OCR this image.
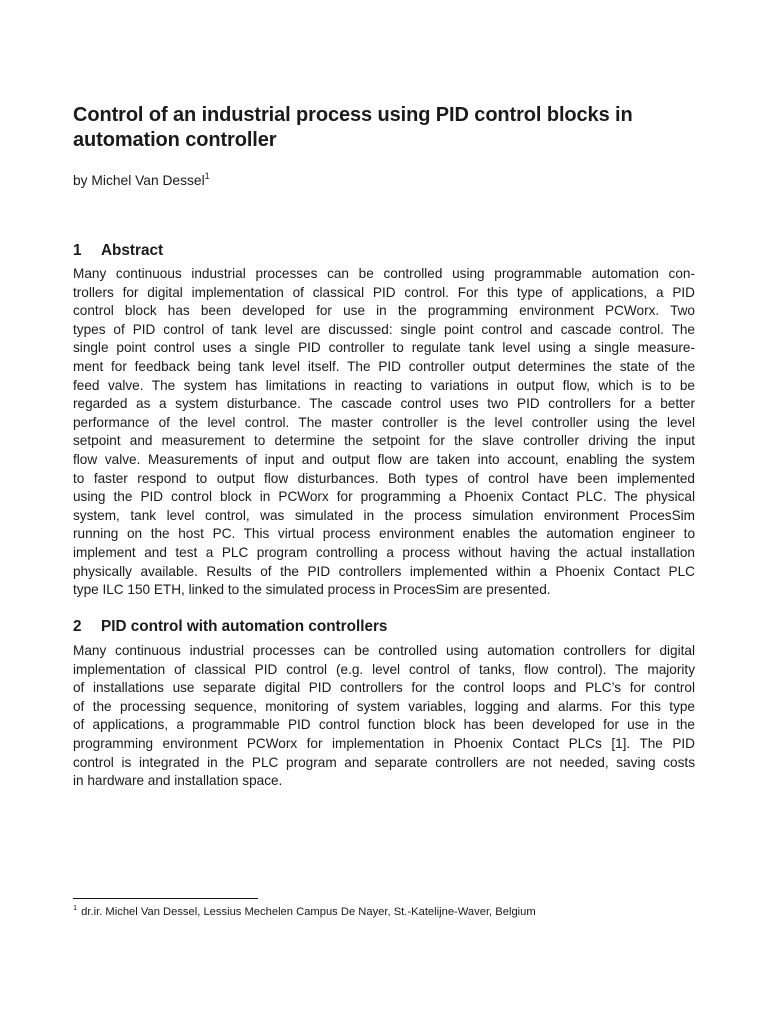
Control of an industrial process using PID control blocks in automation controller

by Michel Van Dessel$^1$

1 Abstract
Many continuous industrial processes can be controlled using programmable automation con-
trollers for digital implementation of classical PID control. For this type of applications, a PID
control block has been developed for use in the programming environment PCWorx. Two
types of PID control of tank level are discussed: single point control and cascade control. The
single point control uses a single PID controller to regulate tank level using a single measure-
ment for feedback being tank level itself. The PID controller output determines the state of the
feed valve. The system has limitations in reacting to variations in output flow, which is to be
regarded as a system disturbance. The cascade control uses two PID controllers for a better
performance of the level control. The master controller is the level controller using the level
setpoint and measurement to determine the setpoint for the slave controller driving the input
flow valve. Measurements of input and output flow are taken into account, enabling the system
to faster respond to output flow disturbances. Both types of control have been implemented
using the PID control block in PCWorx for programming a Phoenix Contact PLC. The physical
system, tank level control, was simulated in the process simulation environment ProcesSim
running on the host PC. This virtual process environment enables the automation engineer to
implement and test a PLC program controlling a process without having the actual installation
physically available. Results of the PID controllers implemented within a Phoenix Contact PLC
type ILC 150 ETH, linked to the simulated process in ProcesSim are presented.
2 PID control with automation controllers
Many continuous industrial processes can be controlled using automation controllers for digital
implementation of classical PID control (e.g. level control of tanks, flow control). The majority
of installations use separate digital PID controllers for the control loops and PLC’s for control
of the processing sequence, monitoring of system variables, logging and alarms. For this type
of applications, a programmable PID control function block has been developed for use in the
programming environment PCWorx for implementation in Phoenix Contact PLCs [1]. The PID
control is integrated in the PLC program and separate controllers are not needed, saving costs
in hardware and installation space.

$^1$ dr.ir. Michel Van Dessel, Lessius Mechelen Campus De Nayer, St.-Katelijne-Waver, Belgium
